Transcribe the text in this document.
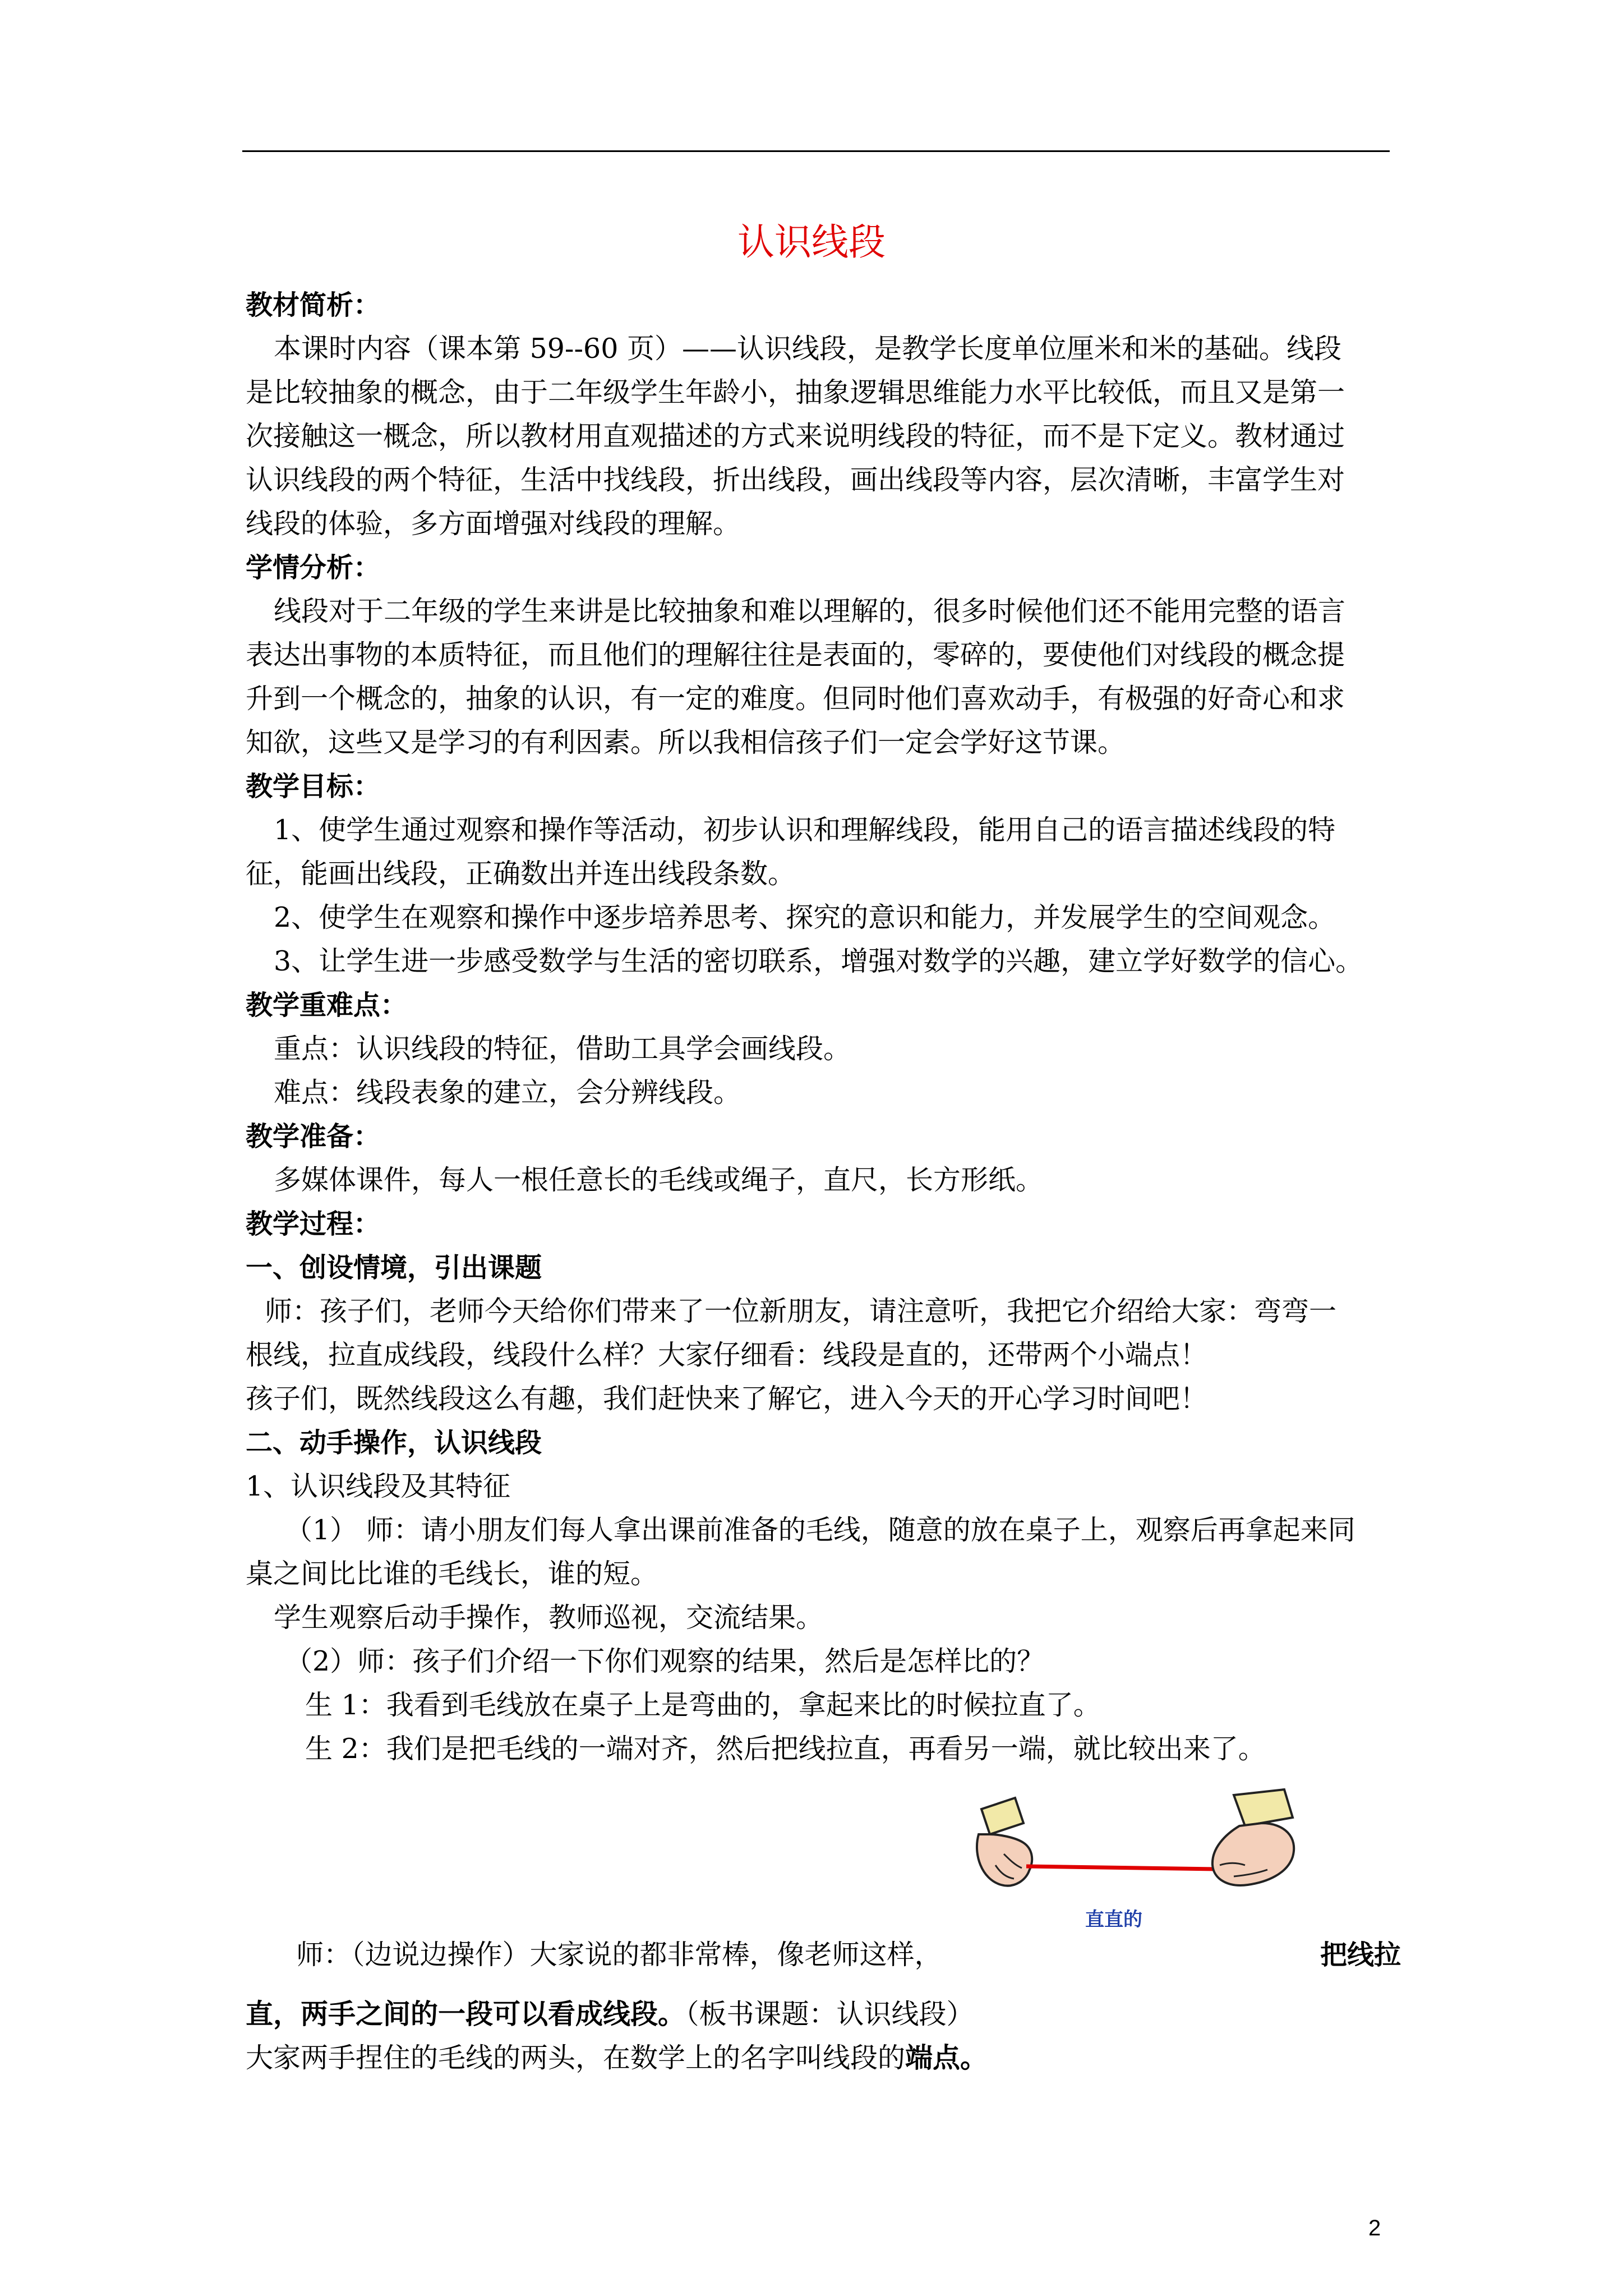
认识线段

教材简析：

本课时内容（课本第 59--60 页）——认识线段，是教学长度单位厘米和米的基础。线段

是比较抽象的概念，由于二年级学生年龄小，抽象逻辑思维能力水平比较低，而且又是第一

次接触这一概念，所以教材用直观描述的方式来说明线段的特征，而不是下定义。教材通过

认识线段的两个特征，生活中找线段，折出线段，画出线段等内容，层次清晰，丰富学生对

线段的体验，多方面增强对线段的理解。

学情分析：

线段对于二年级的学生来讲是比较抽象和难以理解的，很多时候他们还不能用完整的语言

表达出事物的本质特征，而且他们的理解往往是表面的，零碎的，要使他们对线段的概念提

升到一个概念的，抽象的认识，有一定的难度。但同时他们喜欢动手，有极强的好奇心和求

知欲，这些又是学习的有利因素。所以我相信孩子们一定会学好这节课。

教学目标：

1、使学生通过观察和操作等活动，初步认识和理解线段，能用自己的语言描述线段的特

征，能画出线段，正确数出并连出线段条数。

2、使学生在观察和操作中逐步培养思考、探究的意识和能力，并发展学生的空间观念。

3、让学生进一步感受数学与生活的密切联系，增强对数学的兴趣，建立学好数学的信心。

教学重难点：

重点：认识线段的特征，借助工具学会画线段。

难点：线段表象的建立，会分辨线段。

教学准备：

多媒体课件，每人一根任意长的毛线或绳子，直尺，长方形纸。

教学过程：

一、创设情境，引出课题

师：孩子们，老师今天给你们带来了一位新朋友，请注意听，我把它介绍给大家：弯弯一

根线，拉直成线段，线段什么样？大家仔细看：线段是直的，还带两个小端点！

孩子们，既然线段这么有趣，我们赶快来了解它，进入今天的开心学习时间吧！

二、动手操作，认识线段

1、认识线段及其特征

（1） 师：请小朋友们每人拿出课前准备的毛线，随意的放在桌子上，观察后再拿起来同

桌之间比比谁的毛线长，谁的短。

学生观察后动手操作，教师巡视，交流结果。

（2）师：孩子们介绍一下你们观察的结果，然后是怎样比的？

生 1：我看到毛线放在桌子上是弯曲的，拿起来比的时候拉直了。

生 2：我们是把毛线的一端对齐，然后把线拉直，再看另一端，就比较出来了。

直直的
师：（边说边操作）大家说的都非常棒，像老师这样，	把线拉

直，两手之间的一段可以看成线段。（板书课题：认识线段）

大家两手捏住的毛线的两头，在数学上的名字叫线段的端点。

2
